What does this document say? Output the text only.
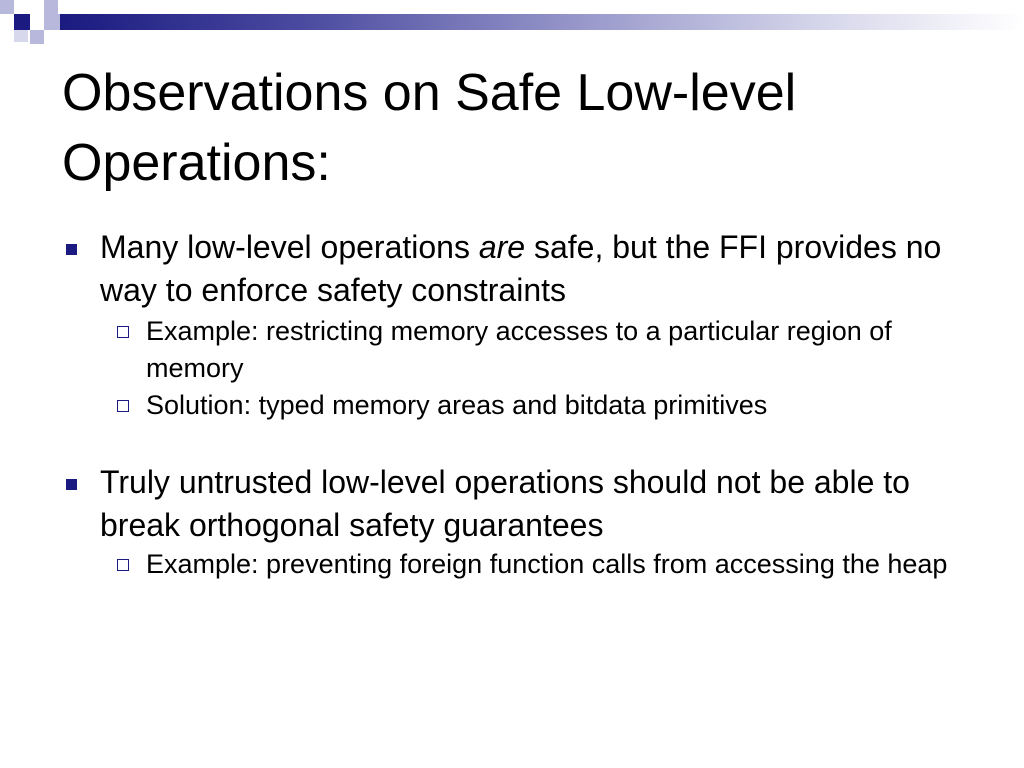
Observations on Safe Low-level
Operations:
Many low-level operations are safe, but the FFI provides no way to enforce safety constraints
Example: restricting memory accesses to a particular region of memory
Solution: typed memory areas and bitdata primitives
Truly untrusted low-level operations should not be able to break orthogonal safety guarantees
Example: preventing foreign function calls from accessing the heap
